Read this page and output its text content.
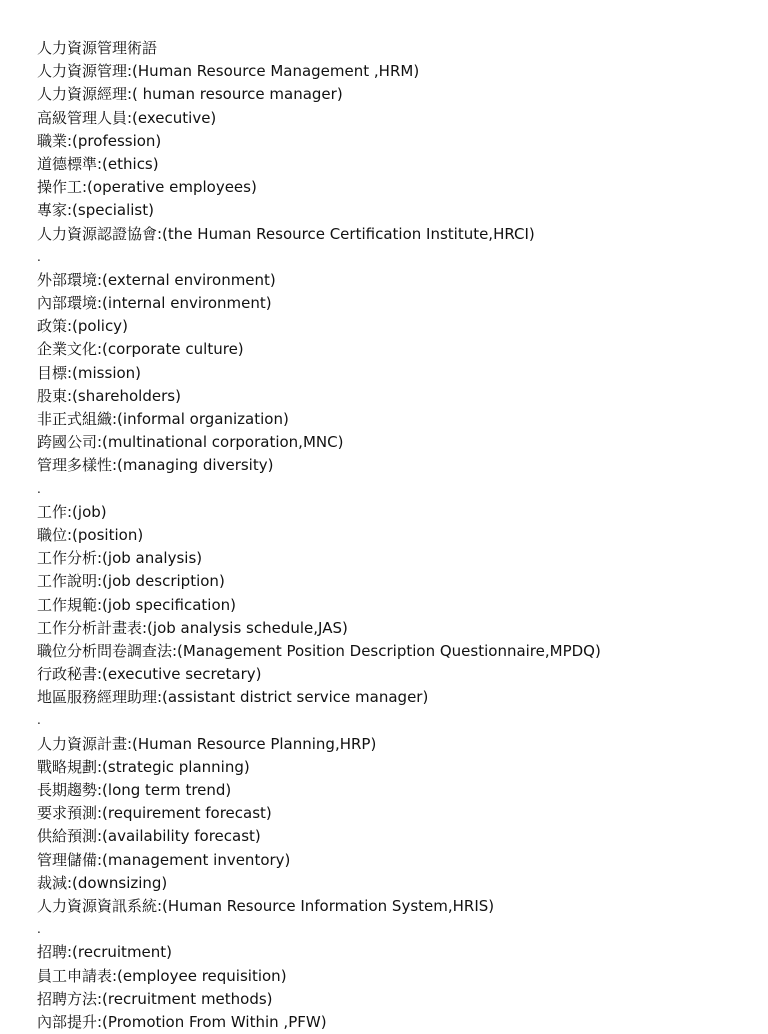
人力資源管理術語
人力資源管理:(Human Resource Management ,HRM)
人力資源經理:( human resource manager)
高級管理人員:(executive)
職業:(profession)
道德標準:(ethics)
操作工:(operative employees)
專家:(specialist)
人力資源認證協會:(the Human Resource Certification Institute,HRCI)
.
外部環境:(external environment)
內部環境:(internal environment)
政策:(policy)
企業文化:(corporate culture)
目標:(mission)
股東:(shareholders)
非正式組織:(informal organization)
跨國公司:(multinational corporation,MNC)
管理多樣性:(managing diversity)
.
工作:(job)
職位:(position)
工作分析:(job analysis)
工作說明:(job description)
工作規範:(job specification)
工作分析計畫表:(job analysis schedule,JAS)
職位分析問卷調查法:(Management Position Description Questionnaire,MPDQ)
行政秘書:(executive secretary)
地區服務經理助理:(assistant district service manager)
.
人力資源計畫:(Human Resource Planning,HRP)
戰略規劃:(strategic planning)
長期趨勢:(long term trend)
要求預測:(requirement forecast)
供給預測:(availability forecast)
管理儲備:(management inventory)
裁減:(downsizing)
人力資源資訊系統:(Human Resource Information System,HRIS)
.
招聘:(recruitment)
員工申請表:(employee requisition)
招聘方法:(recruitment methods)
內部提升:(Promotion From Within ,PFW)
